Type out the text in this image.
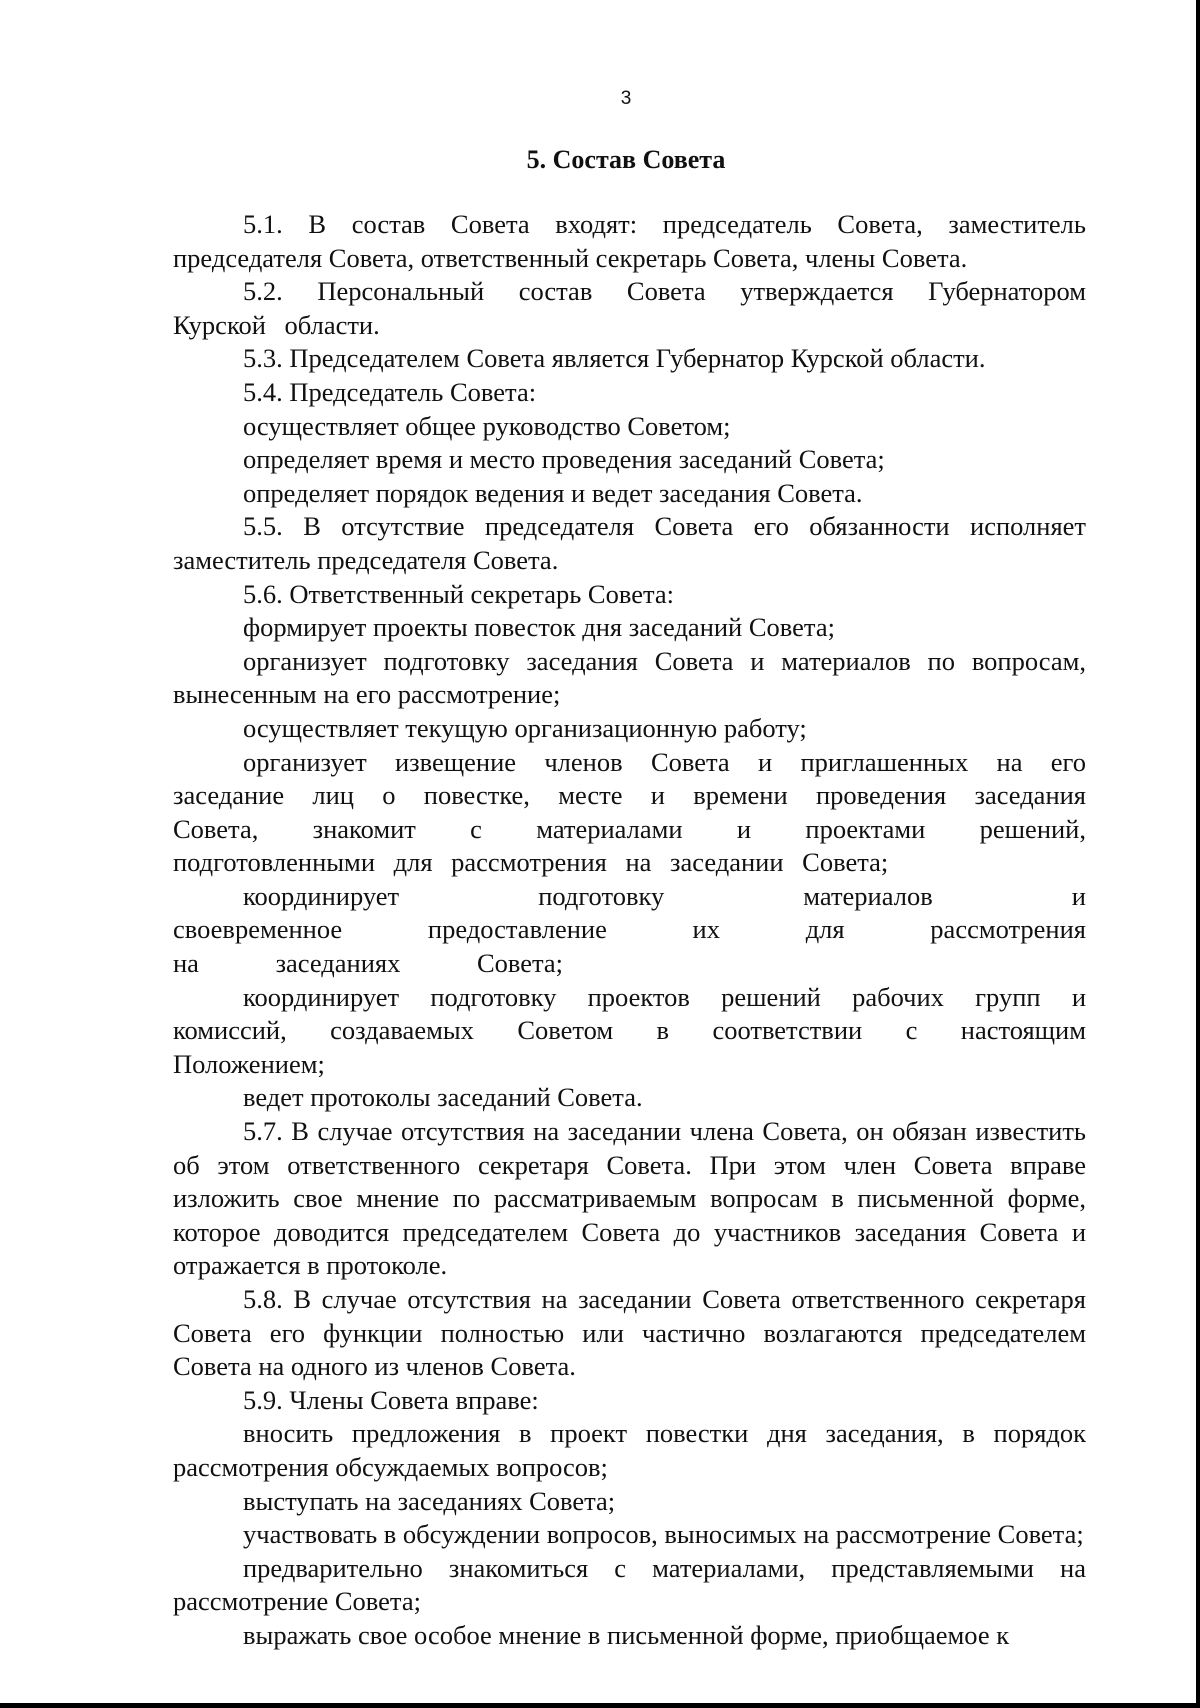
3
5. Состав Совета

5.1. В состав Совета входят: председатель Совета, заместитель председателя Совета, ответственный секретарь Совета, члены Совета.

5.2. Персональный состав Совета утверждается Губернатором Курской области.

5.3. Председателем Совета является Губернатор Курской области.

5.4. Председатель Совета:

осуществляет общее руководство Советом;

определяет время и место проведения заседаний Совета;

определяет порядок ведения и ведет заседания Совета.

5.5. В отсутствие председателя Совета его обязанности исполняет заместитель председателя Совета.

5.6. Ответственный секретарь Совета:

формирует проекты повесток дня заседаний Совета;

организует подготовку заседания Совета и материалов по вопросам, вынесенным на его рассмотрение;

осуществляет текущую организационную работу;

организует извещение членов Совета и приглашенных на его заседание лиц о повестке, месте и времени проведения заседания Совета, знакомит с материалами и проектами решений, подготовленными для рассмотрения на заседании Совета;

координирует подготовку материалов и своевременное предоставление их для рассмотрения на заседаниях Совета;

координирует подготовку проектов решений рабочих групп и комиссий, создаваемых Советом в соответствии с настоящим Положением;

ведет протоколы заседаний Совета.

5.7. В случае отсутствия на заседании члена Совета, он обязан известить об этом ответственного секретаря Совета. При этом член Совета вправе изложить свое мнение по рассматриваемым вопросам в письменной форме, которое доводится председателем Совета до участников заседания Совета и отражается в протоколе.

5.8. В случае отсутствия на заседании Совета ответственного секретаря Совета его функции полностью или частично возлагаются председателем Совета на одного из членов Совета.

5.9. Члены Совета вправе:

вносить предложения в проект повестки дня заседания, в порядок рассмотрения обсуждаемых вопросов;

выступать на заседаниях Совета;

участвовать в обсуждении вопросов, выносимых на рассмотрение Совета;

предварительно знакомиться с материалами, представляемыми на рассмотрение Совета;

выражать свое особое мнение в письменной форме, приобщаемое к
